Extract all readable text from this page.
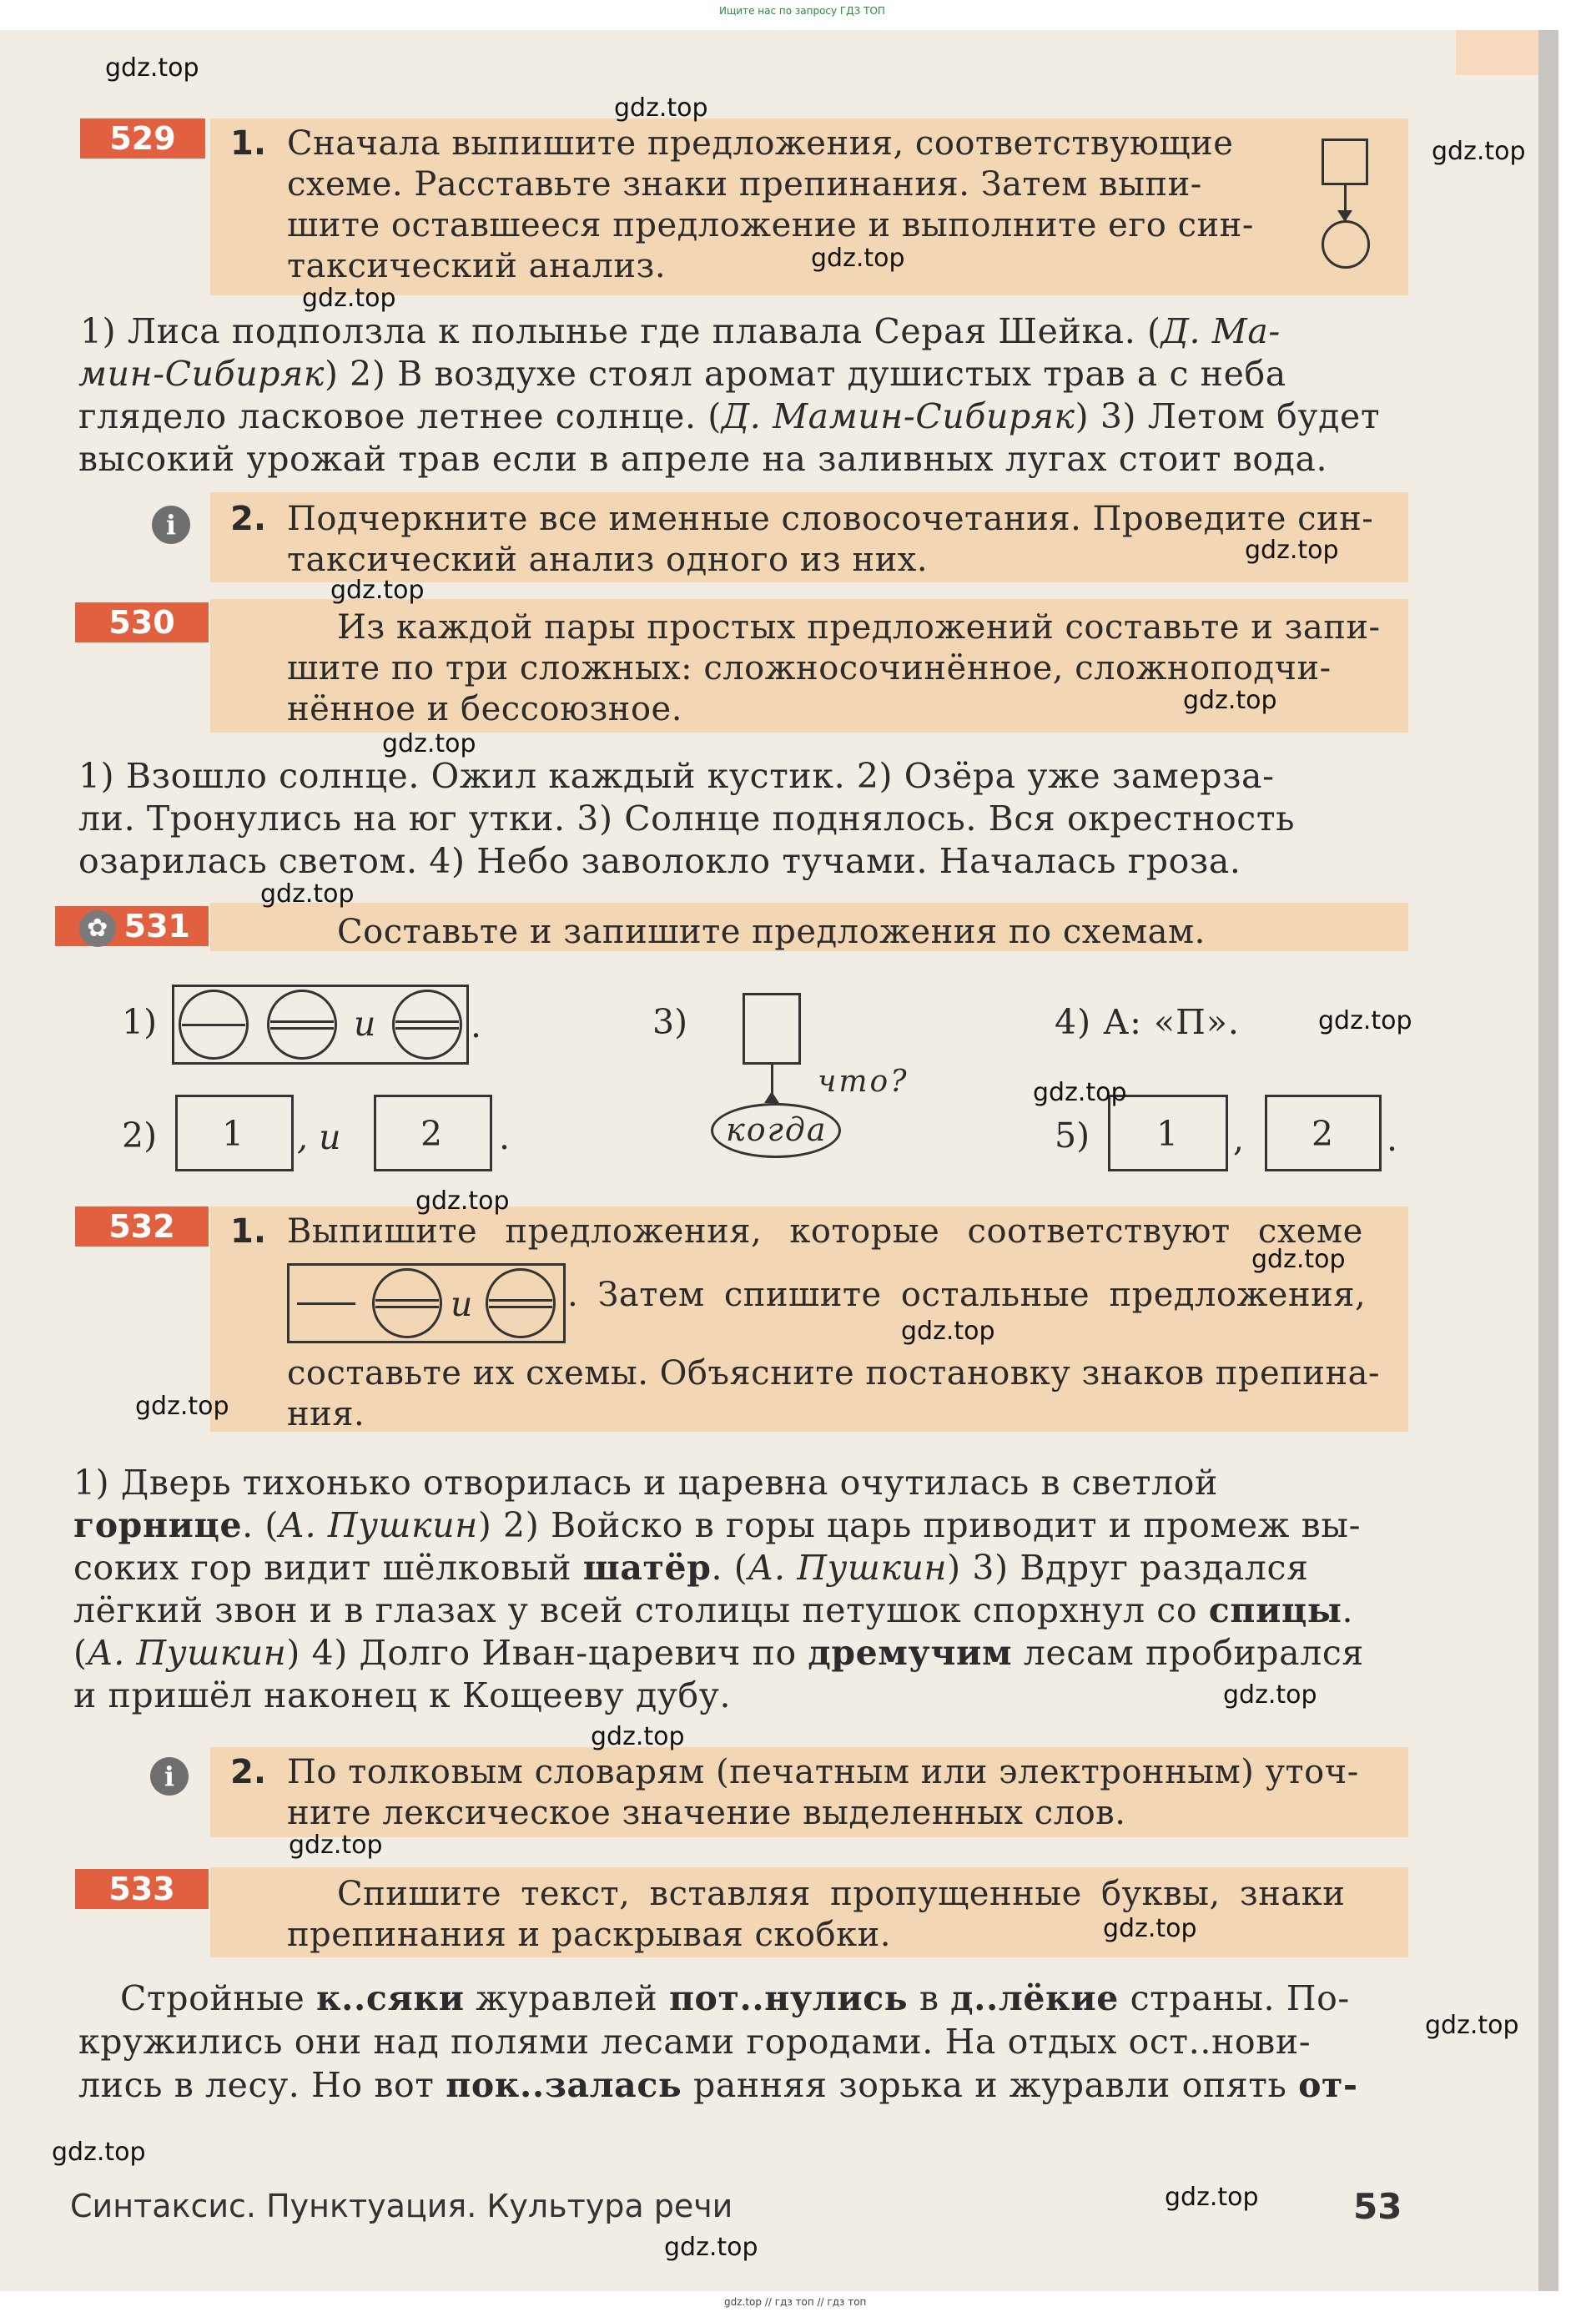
Ищите нас по запросу ГДЗ ТОП
529	1. Сначала выпишите предложения, соответствующие
схеме. Расставьте знаки препинания. Затем выпи-
шите оставшееся предложение и выполните его син-
таксический анализ.
1) Лиса подползла к полынье где плавала Серая Шейка. (Д. Ма-
мин-Сибиряк) 2) В воздухе стоял аромат душистых трав а с неба
глядело ласковое летнее солнце. (Д. Мамин-Сибиряк) 3) Летом будет
высокий урожай трав если в апреле на заливных лугах стоит вода.
i	2. Подчеркните все именные словосочетания. Проведите син-
таксический анализ одного из них.
530	Из каждой пары простых предложений составьте и запи-
шите по три сложных: сложносочинённое, сложноподчи-
нённое и бессоюзное.
1) Взошло солнце. Ожил каждый кустик. 2) Озёра уже замерза-
ли. Тронулись на юг утки. 3) Солнце поднялось. Вся окрестность
озарилась светом. 4) Небо заволокло тучами. Началась гроза.
✿ 531	Составьте и запишите предложения по схемам.
1)	и	.	3)
что?
когда
4) А: «П».
2) 1 , и 2 .	5) 1 , 2 .
532	1. Выпишите предложения, которые соответствуют схеме
и	. Затем спишите остальные предложения,
составьте их схемы. Объясните постановку знаков препина-
ния.
1) Дверь тихонько отворилась и царевна очутилась в светлой
горнице. (А. Пушкин) 2) Войско в горы царь приводит и промеж вы-
соких гор видит шёлковый шатёр. (А. Пушкин) 3) Вдруг раздался
лёгкий звон и в глазах у всей столицы петушок спорхнул со спицы.
(А. Пушкин) 4) Долго Иван-царевич по дремучим лесам пробирался
и пришёл наконец к Кощееву дубу.
i	2. По толковым словарям (печатным или электронным) уточ-
ните лексическое значение выделенных слов.
533	Спишите текст, вставляя пропущенные буквы, знаки
препинания и раскрывая скобки.
Стройные к..сяки журавлей пот..нулись в д..лёкие страны. По-
кружились они над полями лесами городами. На отдых ост..нови-
лись в лесу. Но вот пок..залась ранняя зорька и журавли опять от-
Синтаксис. Пунктуация. Культура речи	53
gdz.top
gdz.top
gdz.top
gdz.top
gdz.top
gdz.top
gdz.top
gdz.top
gdz.top
gdz.top
gdz.top
gdz.top
gdz.top
gdz.top
gdz.top
gdz.top
gdz.top
gdz.top
gdz.top
gdz.top
gdz.top
gdz.top
gdz.top
gdz.top
gdz.top // гдз топ // гдз топ
